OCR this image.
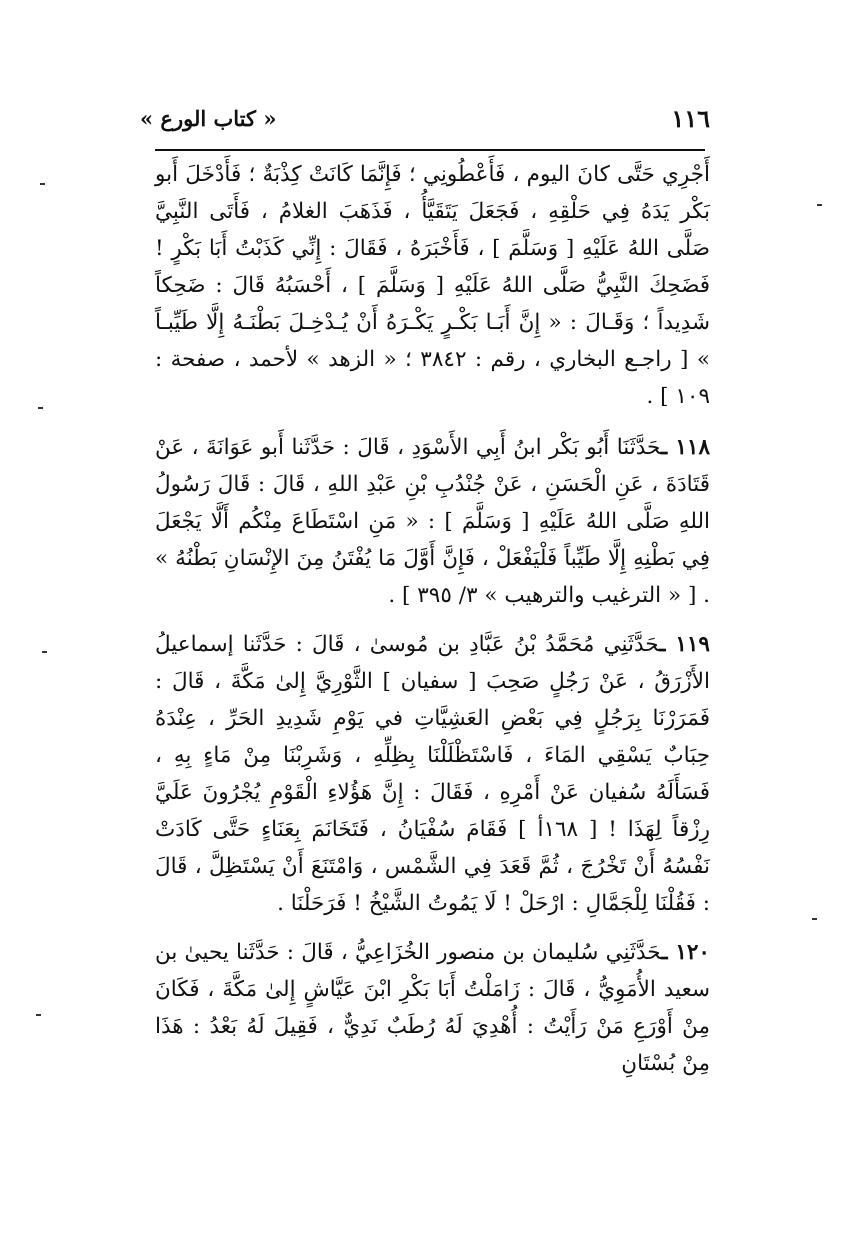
١١٦
« كتاب الورع »

أَجْرِي حَتَّى كانَ اليوم ، فَأَعْطُونِي ؛ فَإِنَّمَا كَانَتْ كِذْبَةٌ ؛ فَأَدْخَلَ أَبو بَكْر يَدَهُ فِي حَلْقِهِ ، فَجَعَلَ يَتَقَيَّأُ ، فَذَهَبَ الغلامُ ، فَأَتَى النَّبِيَّ صَلَّى اللهُ عَلَيْهِ [ وَسَلَّمَ ] ، فَأَخْبَرَهُ ، فَقَالَ : إِنِّي كَذَبْتُ أَبَا بَكْرٍ ! فَضَحِكَ النَّبِيُّ صَلَّى اللهُ عَلَيْهِ [ وَسَلَّمَ ] ، أَحْسَبُهُ قَالَ : ضَحِكاً شَدِيداً ؛ وَقَـالَ : « إِنَّ أَبَـا بَكْـرٍ يَكْـرَهُ أَنْ يُـدْخِـلَ بَطْنَـهُ إِلَّا طَيِّبـاً » [ راجـع البخاري ، رقم : ٣٨٤٢ ؛ « الزهد » لأحمد ، صفحة : ١٠٩ ] .

١١٨ ـحَدَّثَنَا أَبُو بَكْر ابنُ أَبِي الأَسْوَدِ ، قَالَ : حَدَّثَنا أَبو عَوَانَةَ ، عَنْ قَتَادَةَ ، عَنِ الْحَسَنِ ، عَنْ جُنْدُبِ بْنِ عَبْدِ اللهِ ، قَالَ : قَالَ رَسُولُ اللهِ صَلَّى اللهُ عَلَيْهِ [ وَسَلَّمَ ] : « مَنِ اسْتَطَاعَ مِنْكُم أَلَّا يَجْعَلَ فِي بَطْنِهِ إِلَّا طَيِّباً فَلْيَفْعَلْ ، فَإِنَّ أَوَّلَ مَا يُفْتَنُ مِنَ الإِنْسَانِ بَطْنُهُ » . [ « الترغيب والترهيب » ٣/ ٣٩٥ ] .

١١٩ ـحَدَّثَنِي مُحَمَّدُ بْنُ عَبَّادِ بن مُوسىٰ ، قَالَ : حَدَّثَنا إسماعيلُ الأَزْرَقُ ، عَنْ رَجُلٍ صَحِبَ [ سفيان ] الثَّوْرِيَّ إِلىٰ مَكَّةَ ، قَالَ : فَمَرَرْنَا بِرَجُلٍ فِي بَعْضِ العَشِيَّاتِ في يَوْمِ شَدِيدِ الحَرِّ ، عِنْدَهُ حِبَابٌ يَسْقِي المَاءَ ، فَاسْتَظْلَلْنَا بِظِلِّهِ ، وَشَرِبْنَا مِنْ مَاءٍ بِهِ ، فَسَأَلَهُ سُفيان عَنْ أَمْرِهِ ، فَقَالَ : إِنَّ هَؤُلاءِ الْقَوْمِ يُجْرُونَ عَلَيَّ رِزْقاً لِهَذَا ! [ ١٦٨أ ] فَقَامَ سُفْيَانُ ، فَتَخَانَمَ بِعَنَاءٍ حَتَّى كَادَتْ نَفْسُهُ أَنْ تَخْرُجَ ، ثُمَّ قَعَدَ فِي الشَّمْس ، وَامْتَنَعَ أَنْ يَسْتَظِلَّ ، قَالَ : فَقُلْنَا لِلْجَمَّالِ : ارْحَلْ ! لَا يَمُوتُ الشَّيْخُ ! فَرَحَلْنَا .

١٢٠ ـحَدَّثَنِي سُليمان بن منصور الخُزَاعِيُّ ، قَالَ : حَدَّثَنا يحيىٰ بن سعيد الأُمَوِيُّ ، قَالَ : زَامَلْتُ أَبَا بَكْرِ ابْنَ عَيَّاشٍ إِلىٰ مَكَّةَ ، فَكَانَ مِنْ أَوْرَعِ مَنْ رَأَيْتُ : أُهْدِيَ لَهُ رُطَبٌ نَدِيٌّ ، فَقِيلَ لَهُ بَعْدُ : هَذَا مِنْ بُسْتَانِ
